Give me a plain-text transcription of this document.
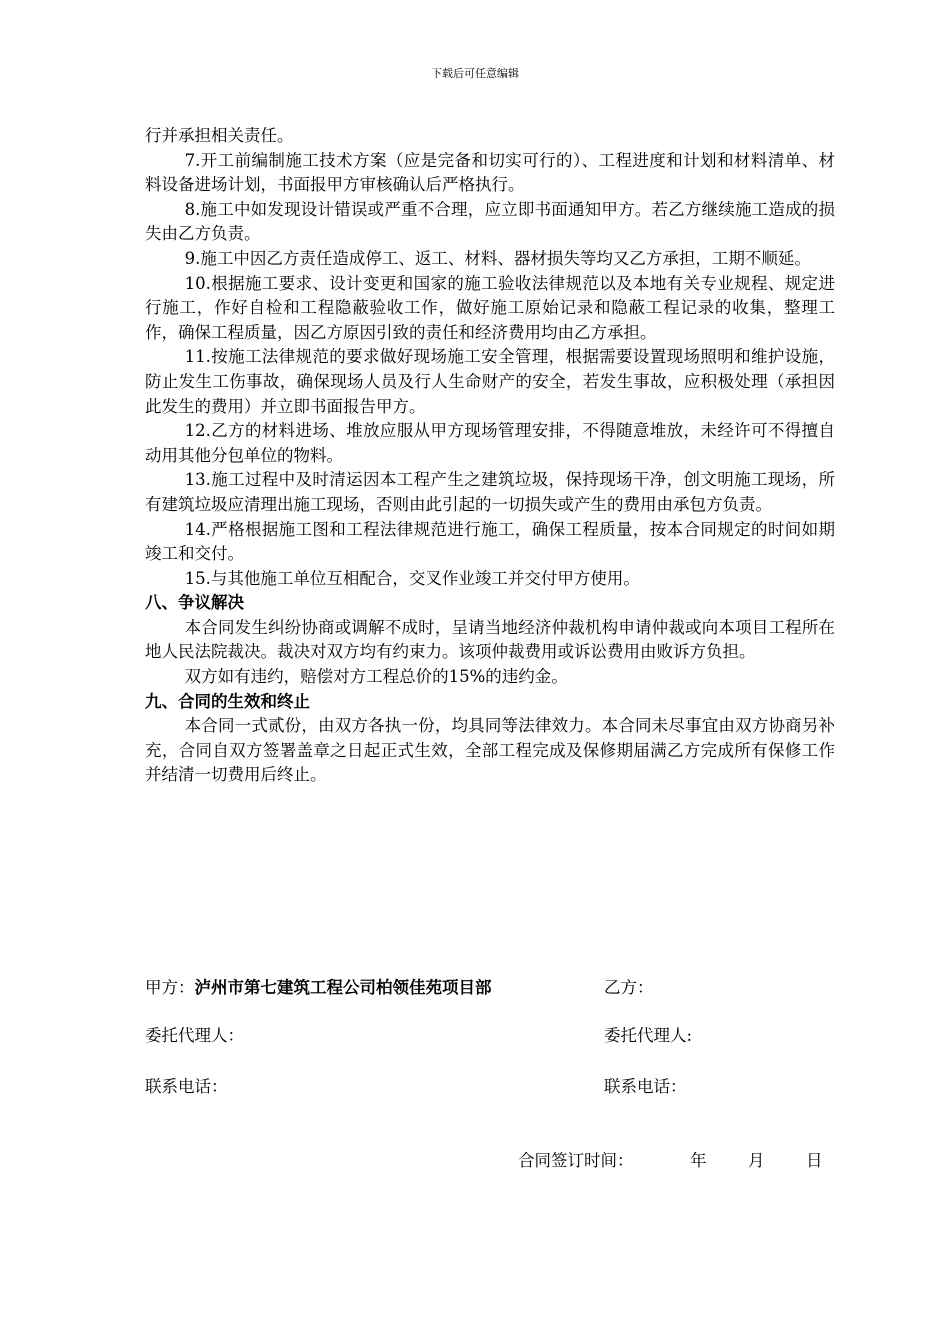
下载后可任意编辑

行并承担相关责任。

7.开工前编制施工技术方案（应是完备和切实可行的）、工程进度和计划和材料清单、材料设备进场计划，书面报甲方审核确认后严格执行。

8.施工中如发现设计错误或严重不合理，应立即书面通知甲方。若乙方继续施工造成的损失由乙方负责。

9.施工中因乙方责任造成停工、返工、材料、器材损失等均又乙方承担，工期不顺延。

10.根据施工要求、设计变更和国家的施工验收法律规范以及本地有关专业规程、规定进行施工，作好自检和工程隐蔽验收工作，做好施工原始记录和隐蔽工程记录的收集，整理工作，确保工程质量，因乙方原因引致的责任和经济费用均由乙方承担。

11.按施工法律规范的要求做好现场施工安全管理，根据需要设置现场照明和维护设施，防止发生工伤事故，确保现场人员及行人生命财产的安全，若发生事故，应积极处理（承担因此发生的费用）并立即书面报告甲方。

12.乙方的材料进场、堆放应服从甲方现场管理安排，不得随意堆放，未经许可不得擅自动用其他分包单位的物料。

13.施工过程中及时清运因本工程产生之建筑垃圾，保持现场干净，创文明施工现场，所有建筑垃圾应清理出施工现场，否则由此引起的一切损失或产生的费用由承包方负责。

14.严格根据施工图和工程法律规范进行施工，确保工程质量，按本合同规定的时间如期竣工和交付。

15.与其他施工单位互相配合，交叉作业竣工并交付甲方使用。

八、争议解决

本合同发生纠纷协商或调解不成时，呈请当地经济仲裁机构申请仲裁或向本项目工程所在地人民法院裁决。裁决对双方均有约束力。该项仲裁费用或诉讼费用由败诉方负担。

双方如有违约，赔偿对方工程总价的15%的违约金。

九、合同的生效和终止

本合同一式贰份，由双方各执一份，均具同等法律效力。本合同未尽事宜由双方协商另补充，合同自双方签署盖章之日起正式生效，全部工程完成及保修期届满乙方完成所有保修工作并结清一切费用后终止。

甲方：泸州市第七建筑工程公司柏领佳苑项目部	乙方：
委托代理人：	委托代理人:
联系电话：	联系电话：
合同签订时间：	年	月	日
